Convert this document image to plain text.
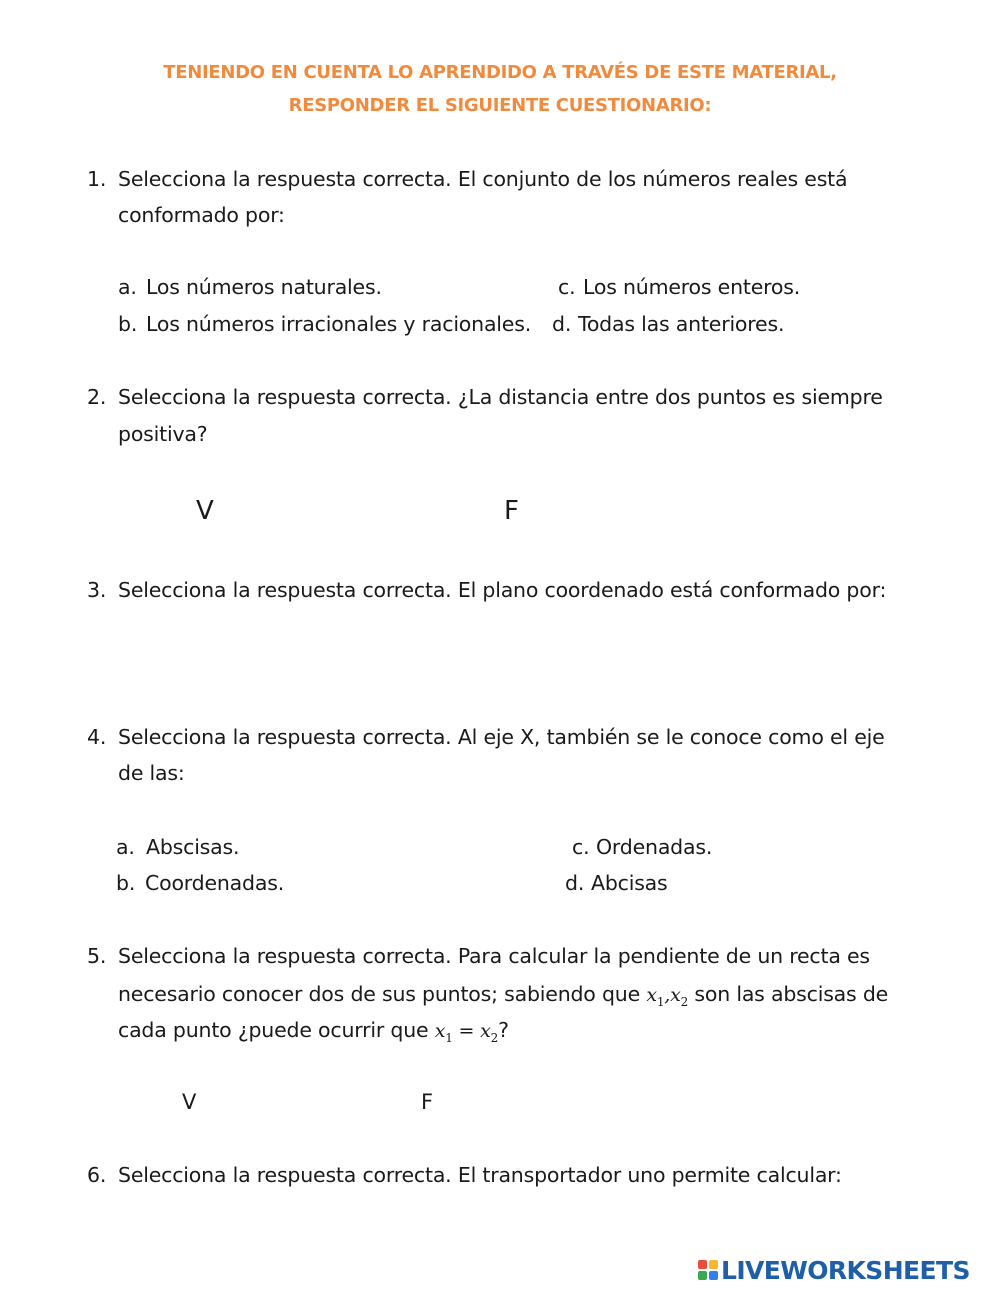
TENIENDO EN CUENTA LO APRENDIDO A TRAVÉS DE ESTE MATERIAL,
RESPONDER EL SIGUIENTE CUESTIONARIO:
1. Selecciona la respuesta correcta. El conjunto de los números reales está
conformado por:
a. Los números naturales.	c. Los números enteros.
b. Los números irracionales y racionales. d. Todas las anteriores.
2. Selecciona la respuesta correcta. ¿La distancia entre dos puntos es siempre
positiva?
V	F
3. Selecciona la respuesta correcta. El plano coordenado está conformado por:
4. Selecciona la respuesta correcta. Al eje X, también se le conoce como el eje
de las:
a. Abscisas.	c. Ordenadas.
b. Coordenadas.	d. Abcisas
5. Selecciona la respuesta correcta. Para calcular la pendiente de un recta es
necesario conocer dos de sus puntos; sabiendo que $x_1,x_2$ son las abscisas de
cada punto ¿puede ocurrir que $x_1 = x_2$?
V	F
6. Selecciona la respuesta correcta. El transportador uno permite calcular:
LIVEWORKSHEETS
